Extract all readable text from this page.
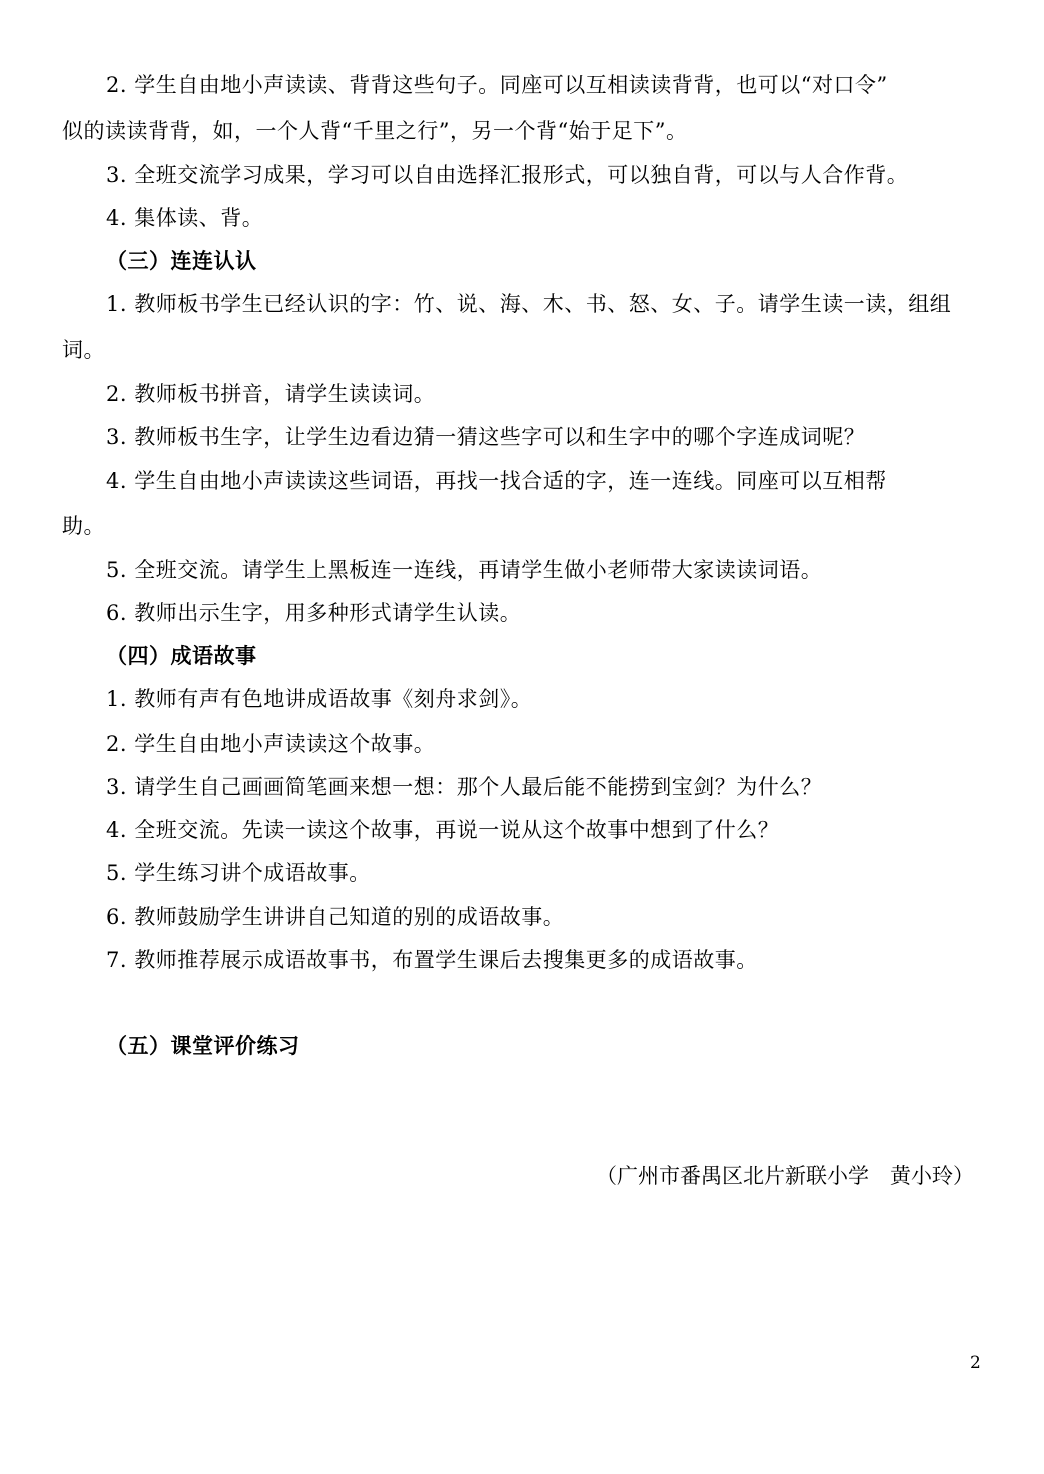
2. 学生自由地小声读读、背背这些句子。同座可以互相读读背背，也可以“对口令”
似的读读背背，如，一个人背“千里之行”，另一个背“始于足下”。
3. 全班交流学习成果，学习可以自由选择汇报形式，可以独自背，可以与人合作背。
4. 集体读、背。
（三）连连认认
1. 教师板书学生已经认识的字：竹、说、海、木、书、怒、女、子。请学生读一读，组组
词。
2. 教师板书拼音，请学生读读词。
3. 教师板书生字，让学生边看边猜一猜这些字可以和生字中的哪个字连成词呢？
4. 学生自由地小声读读这些词语，再找一找合适的字，连一连线。同座可以互相帮
助。
5. 全班交流。请学生上黑板连一连线，再请学生做小老师带大家读读词语。
6. 教师出示生字，用多种形式请学生认读。
（四）成语故事
1. 教师有声有色地讲成语故事《刻舟求剑》。
2. 学生自由地小声读读这个故事。
3. 请学生自己画画简笔画来想一想：那个人最后能不能捞到宝剑？为什么？
4. 全班交流。先读一读这个故事，再说一说从这个故事中想到了什么？
5. 学生练习讲个成语故事。
6. 教师鼓励学生讲讲自己知道的别的成语故事。
7. 教师推荐展示成语故事书，布置学生课后去搜集更多的成语故事。
（五）课堂评价练习
（广州市番禺区北片新联小学　黄小玲）
2
